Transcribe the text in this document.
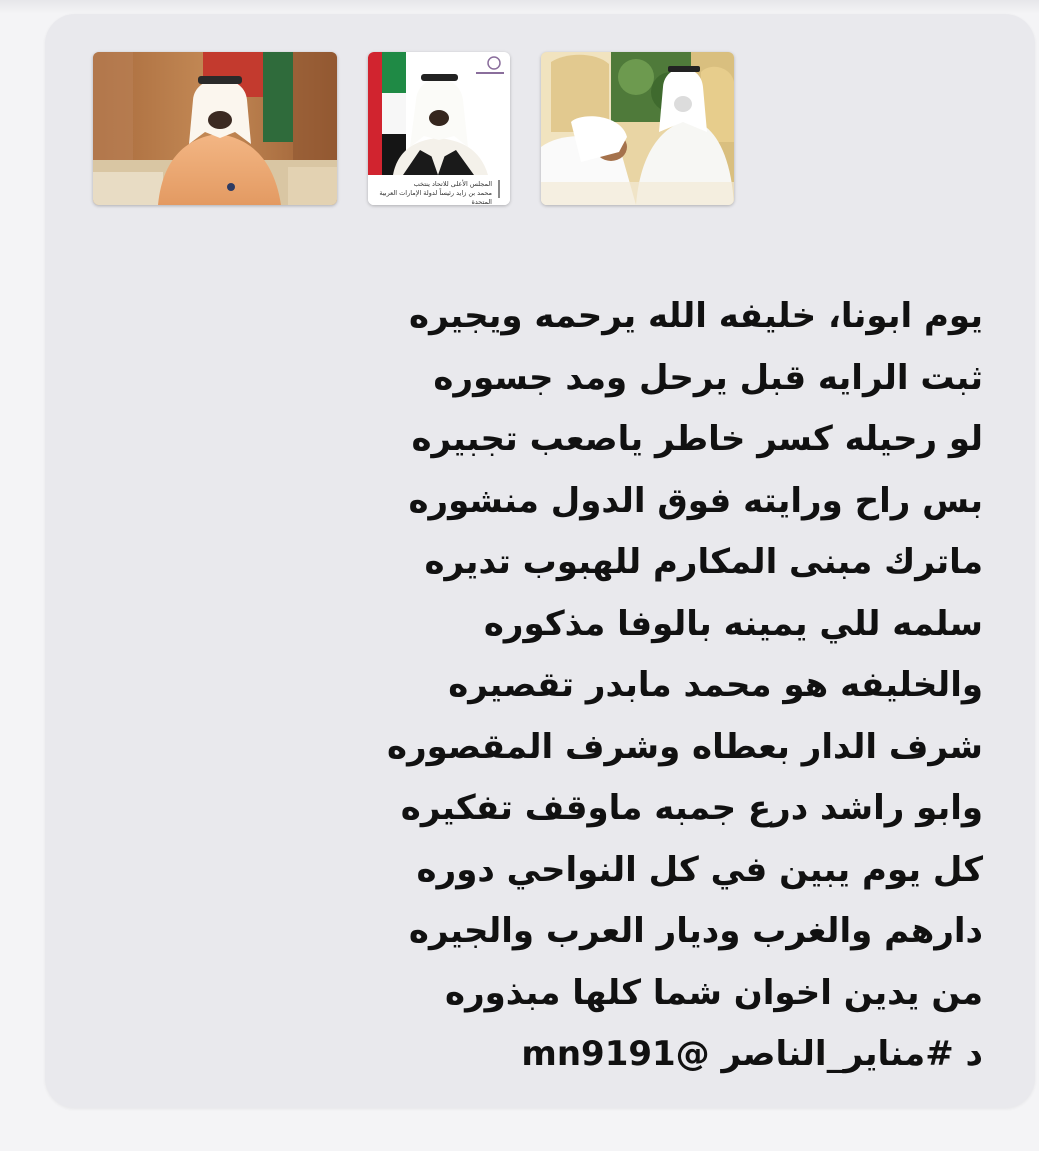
المجلس الأعلى للاتحاد ينتخب
محمد بن زايد رئيساً لدولة الإمارات العربية المتحدة
يوم ابونا، خليفه الله يرحمه ويجيره
ثبت الرايه قبل يرحل ومد جسوره
لو رحيله كسر خاطر ياصعب تجبيره
بس راح ورايته فوق الدول منشوره
ماترك مبنى المكارم للهبوب تديره
سلمه للي يمينه بالوفا مذكوره
والخليفه هو محمد مابدر تقصيره
شرف الدار بعطاه وشرف المقصوره
وابو راشد درع جمبه ماوقف تفكيره
كل يوم يبين في كل النواحي دوره
دارهم والغرب وديار العرب والجيره
من يدين اخوان شما كلها مبذوره
د #مناير_الناصر @mn9191
